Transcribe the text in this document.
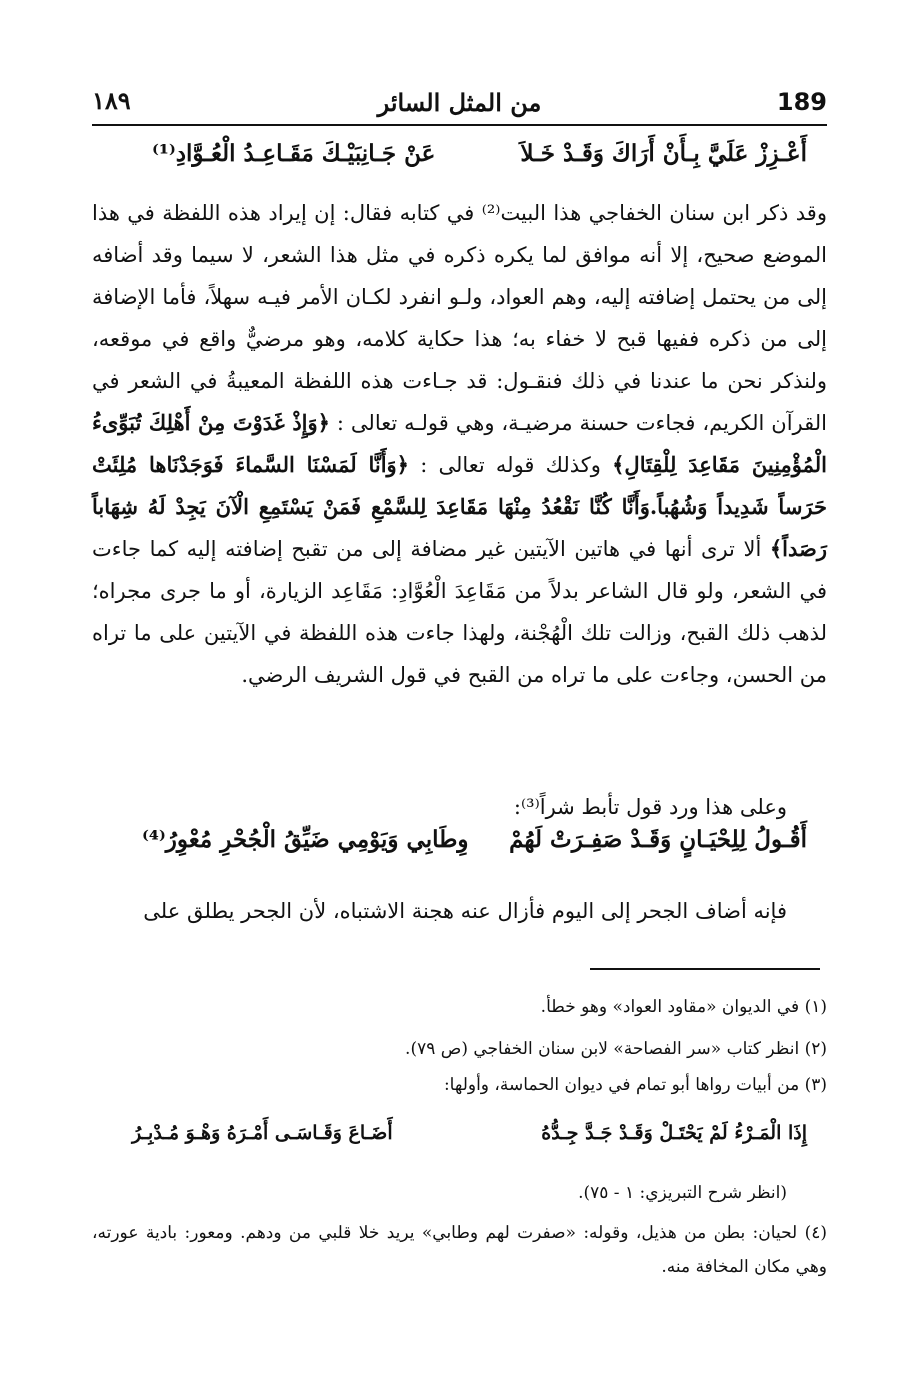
١٨٩	من المثل السائر	189
أَعْـزِزْ عَلَيَّ بِـأَنْ أَرَاكَ وَقَـدْ خَـلاَ
عَنْ جَـانِبَيْـكَ مَقَـاعِـدُ الْعُـوَّادِ⁽¹⁾

وقد ذكر ابن سنان الخفاجي هذا البيت⁽²⁾ في كتابه فقال: إن إيراد هذه اللفظة في هذا الموضع صحيح، إلا أنه موافق لما يكره ذكره في مثل هذا الشعر، لا سيما وقد أضافه إلى من يحتمل إضافته إليه، وهم العواد، ولـو انفرد لكـان الأمر فيـه سهلاً، فأما الإضافة إلى من ذكره ففيها قبح لا خفاء به؛ هذا حكاية كلامه، وهو مرضيٌّ واقع في موقعه، ولنذكر نحن ما عندنا في ذلك فنقـول: قد جـاءت هذه اللفظة المعيبةُ في الشعر في القرآن الكريم، فجاءت حسنة مرضيـة، وهي قولـه تعالى : ﴿وَإِذْ غَدَوْتَ مِنْ أَهْلِكَ تُبَوِّىءُ الْمُؤْمِنِينَ مَقَاعِدَ لِلْقِتَالِ﴾ وكذلك قوله تعالى : ﴿وَأَنَّا لَمَسْنَا السَّماءَ فَوَجَدْنَاها مُلِئَتْ حَرَساً شَدِيداً وَشُهُباً.وَأَنَّا كُنَّا نَقْعُدُ مِنْهَا مَقَاعِدَ لِلسَّمْعِ فَمَنْ يَسْتَمِعِ الْآنَ يَجِدْ لَهُ شِهَاباً رَصَداً﴾ ألا ترى أنها في هاتين الآيتين غير مضافة إلى من تقبح إضافته إليه كما جاءت في الشعر، ولو قال الشاعر بدلاً من مَقَاعِدَ الْعُوَّادِ: مَقَاعِد الزيارة، أو ما جرى مجراه؛ لذهب ذلك القبح، وزالت تلك الْهُجْنة، ولهذا جاءت هذه اللفظة في الآيتين على ما تراه من الحسن، وجاءت على ما تراه من القبح في قول الشريف الرضي.

وعلى هذا ورد قول تأبط شراً⁽³⁾:

أَقُـولُ لِلِحْيَـانٍ وَقَـدْ صَفِـرَتْ لَهُمْ
وِطَابِي وَيَوْمِي ضَيِّقُ الْجُحْرِ مُعْوِرُ⁽⁴⁾

فإنه أضاف الجحر إلى اليوم فأزال عنه هجنة الاشتباه، لأن الجحر يطلق على

(١) في الديوان «مقاود العواد» وهو خطأ.
(٢) انظر كتاب «سر الفصاحة» لابن سنان الخفاجي (ص ٧٩).
(٣) من أبيات رواها أبو تمام في ديوان الحماسة، وأولها:
إِذَا الْمَـرْءُ لَمْ يَحْتَـلْ وَقَـدْ جَـدَّ جِـدُّهُ
أَضَـاعَ وَقَـاسَـى أَمْـرَهُ وَهْـوَ مُـدْبِـرُ
(انظر شرح التبريزي: ١ - ٧٥).
(٤) لحيان: بطن من هذيل، وقوله: «صفرت لهم وطابي» يريد خلا قلبي من ودهم. ومعور: بادية عورته، وهي مكان المخافة منه.
